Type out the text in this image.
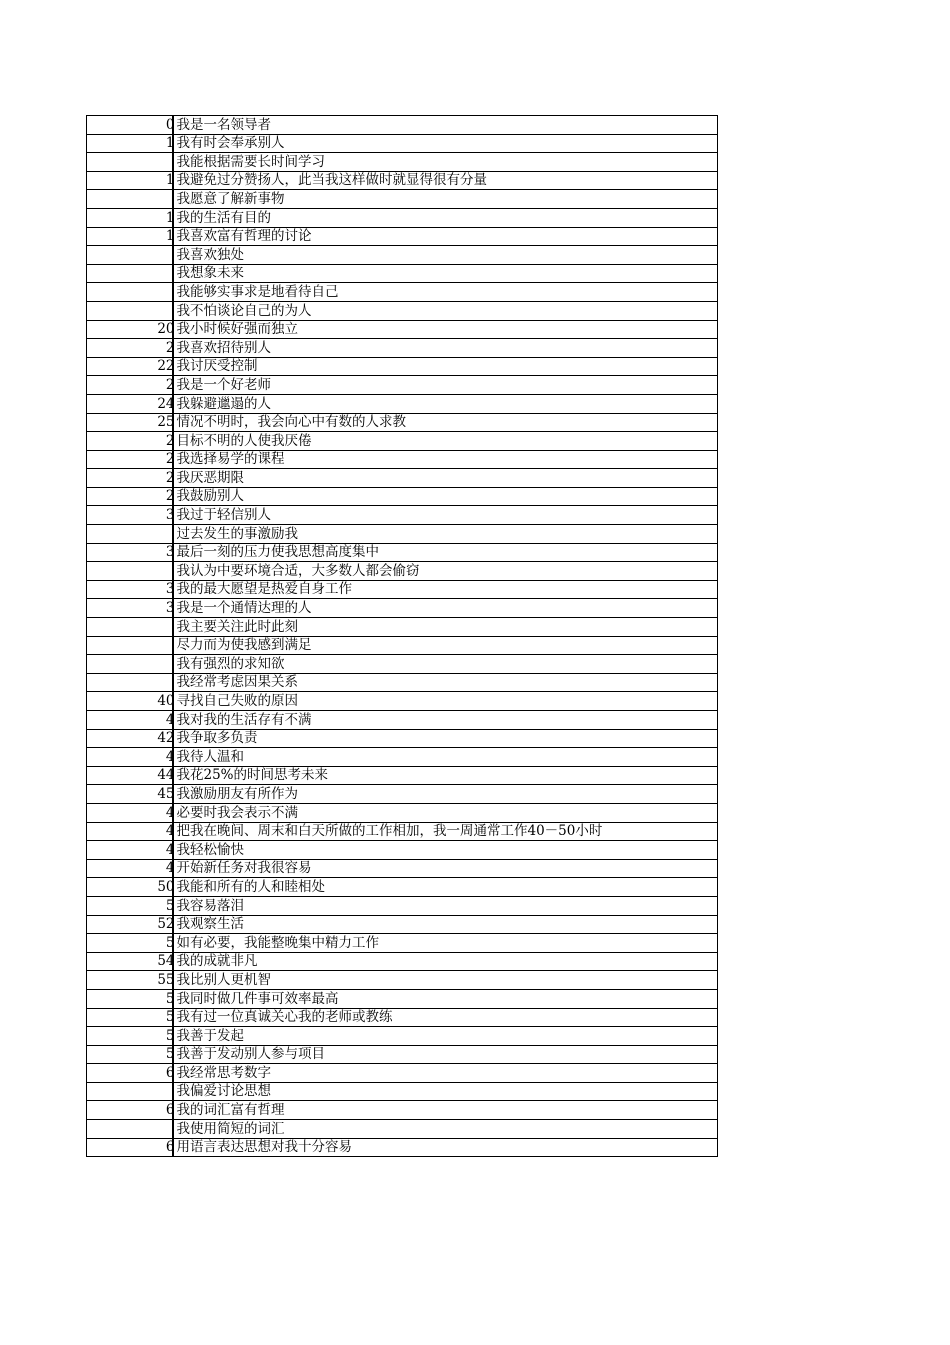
0	我是一名领导者

1	我有时会奉承别人

	我能根据需要长时间学习

1	我避免过分赞扬人，此当我这样做时就显得很有分量

	我愿意了解新事物

1	我的生活有目的

1	我喜欢富有哲理的讨论

	我喜欢独处

	我想象未来

	我能够实事求是地看待自己

	我不怕谈论自己的为人

20	我小时候好强而独立

2	我喜欢招待别人

22	我讨厌受控制

2	我是一个好老师

24	我躲避邋遢的人

25	情况不明时，我会向心中有数的人求教

2	目标不明的人使我厌倦

2	我选择易学的课程

2	我厌恶期限

2	我鼓励别人

3	我过于轻信别人

	过去发生的事激励我

3	最后一刻的压力使我思想高度集中

	我认为中要环境合适，大多数人都会偷窃

3	我的最大愿望是热爱自身工作

3	我是一个通情达理的人

	我主要关注此时此刻

	尽力而为使我感到满足

	我有强烈的求知欲

	我经常考虑因果关系

40	寻找自己失败的原因

4	我对我的生活存有不满

42	我争取多负责

4	我待人温和

44	我花25%的时间思考未来

45	我激励朋友有所作为

4	必要时我会表示不满

4	把我在晚间、周末和白天所做的工作相加，我一周通常工作40－50小时

4	我轻松愉快

4	开始新任务对我很容易

50	我能和所有的人和睦相处

5	我容易落泪

52	我观察生活

5	如有必要，我能整晚集中精力工作

54	我的成就非凡

55	我比别人更机智

5	我同时做几件事可效率最高

5	我有过一位真诚关心我的老师或教练

5	我善于发起

5	我善于发动别人参与项目

6	我经常思考数字

	我偏爱讨论思想

6	我的词汇富有哲理

	我使用简短的词汇

6	用语言表达思想对我十分容易
